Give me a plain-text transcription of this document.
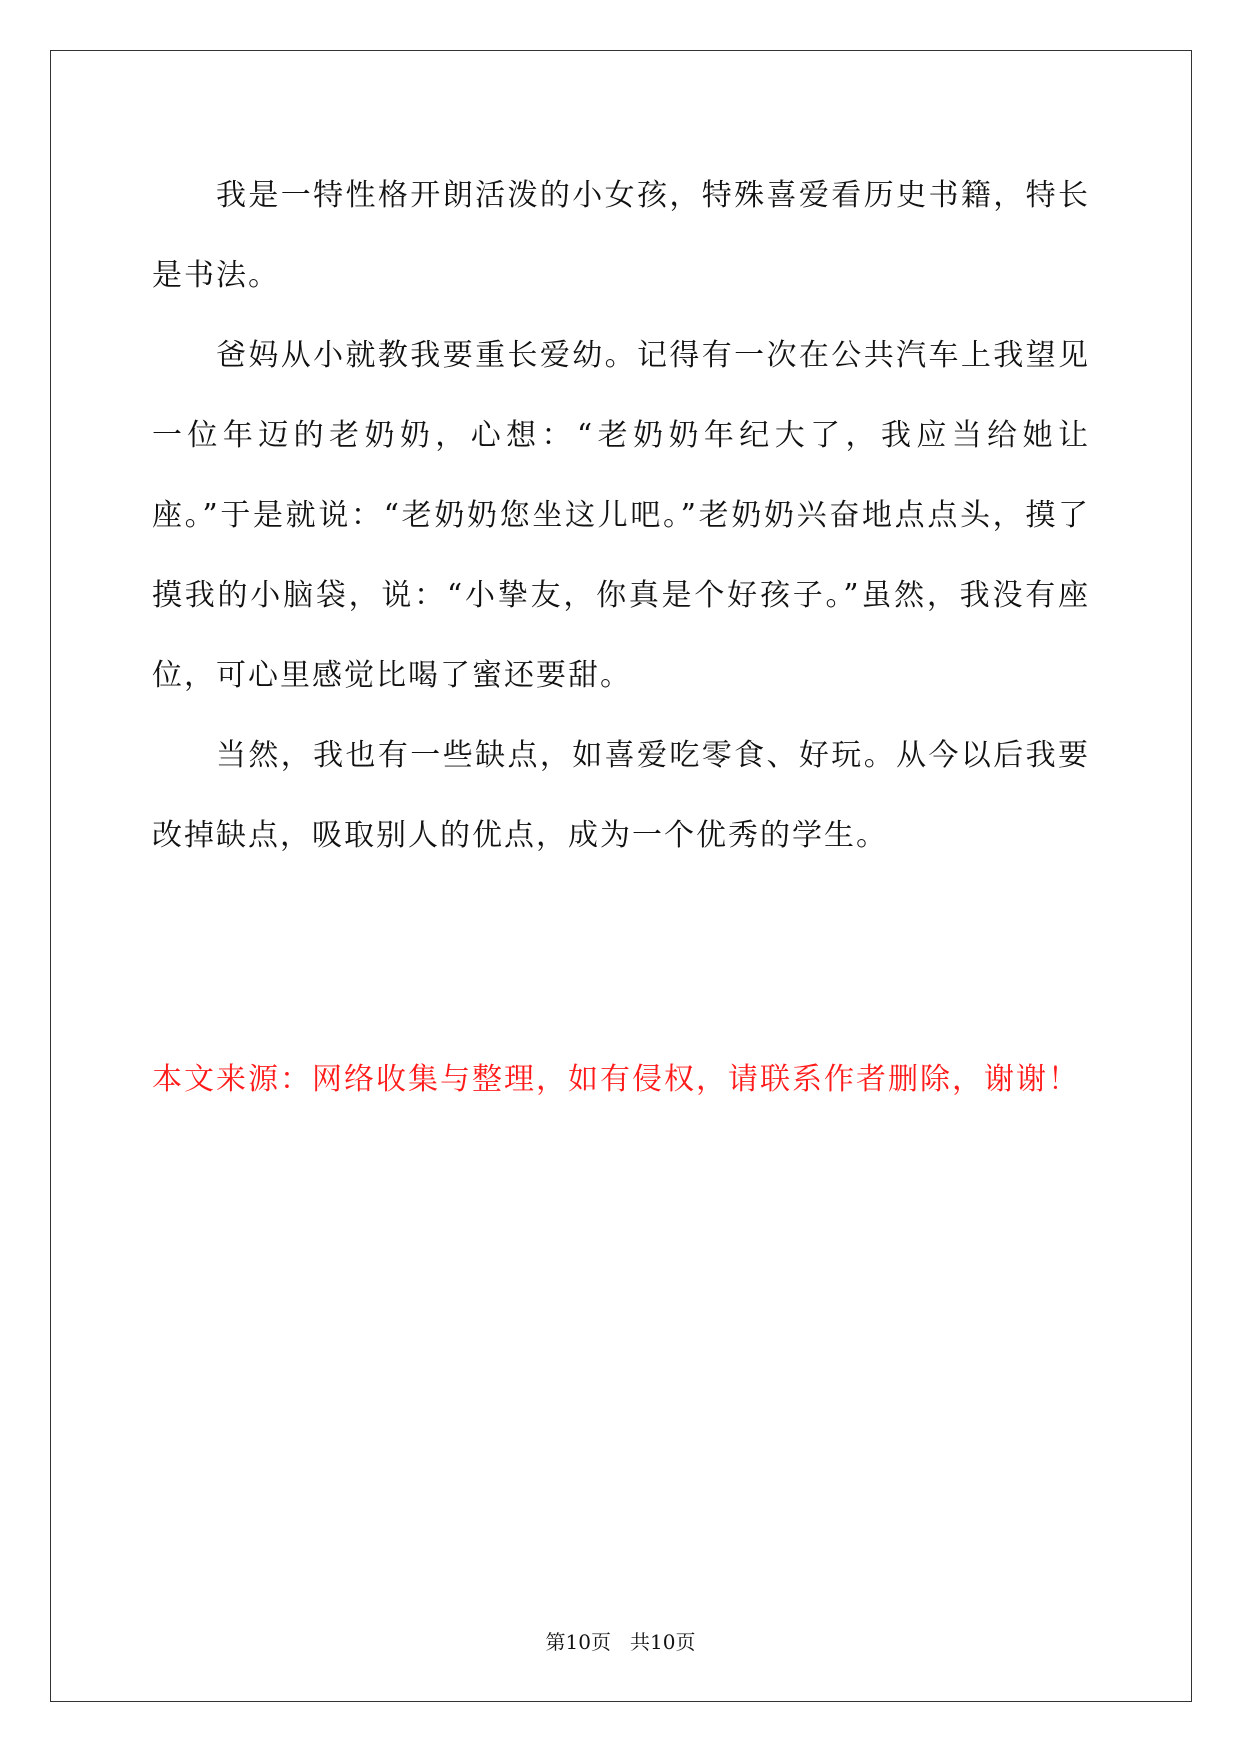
我是一特性格开朗活泼的小女孩，特殊喜爱看历史书籍，特长是书法。

爸妈从小就教我要重长爱幼。记得有一次在公共汽车上我望见一位年迈的老奶奶，心想：“老奶奶年纪大了，我应当给她让座。”于是就说：“老奶奶您坐这儿吧。”老奶奶兴奋地点点头，摸了摸我的小脑袋，说：“小挚友，你真是个好孩子。”虽然，我没有座位，可心里感觉比喝了蜜还要甜。

当然，我也有一些缺点，如喜爱吃零食、好玩。从今以后我要改掉缺点，吸取别人的优点，成为一个优秀的学生。

本文来源：网络收集与整理，如有侵权，请联系作者删除，谢谢！

第10页   共10页
